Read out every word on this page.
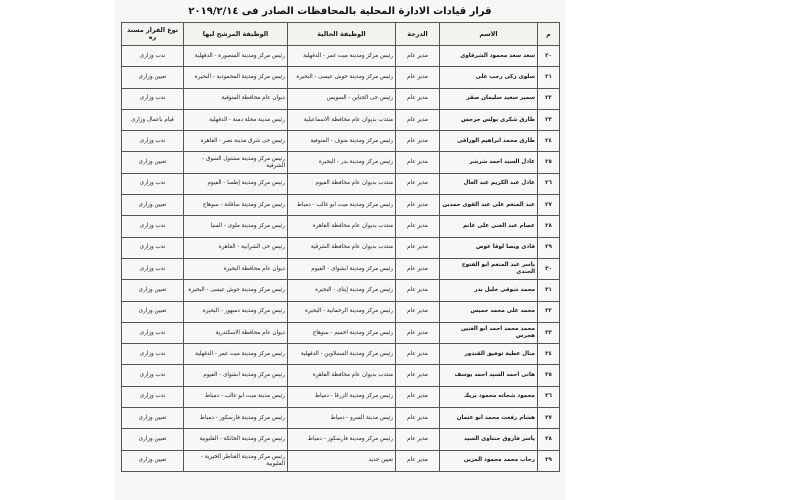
قرار قيادات الادارة المحلية بالمحافظات الصادر فى ٢٠١٩/٢/١٤
م	الاسم	الدرجة	الوظيفة الحالية	الوظيفة المرشح ليها	نوع القرار مسند ره
٢٠	سعد سعد محمود الشرقاوى	مدير عام	رئيس مركز ومدينة ميت غمر - الدقهلية	رئيس مركز ومدينة المنصورة - الدقهلية	ندب وزارى
٢١	سلوى زكى رجب على	مدير عام	رئيس مركز ومدينة حوش عيسى - البحيرة	رئيس مركز ومدينة المحمودية - البحيرة	تعيين وزارى
٢٢	سمير سعيد سليمان صقر	مدير عام	رئيس حى الجناين - السويس	ديوان عام محافظة المنوفية	ندب وزارى
٢٣	طارق شكرى بولس جرجس	مدير عام	منتدب بديوان عام محافظة الاسماعيلية	رئيس مدينة محلة دمنة - الدقهلية	قيام باعمال وزارى
٢٤	طارق محمد ابراهيم الوراقى	مدير عام	رئيس مركز ومدينة منوف - المنوفية	رئيس حى شرق مدينة نصر - القاهرة	ندب وزارى
٢٥	عادل السيد احمد شرشر	مدير عام	رئيس مركز ومدينة بدر - البحيرة	رئيس مركز ومدينة مشتول السوق - الشرقية	تعيين وزارى
٢٦	عادل عبد الكريم عبد العال	مدير عام	منتدب بديوان عام محافظة الفيوم	رئيس مركز ومدينة إطسا - الفيوم	ندب وزارى
٢٧	عبد المنعم على عبد القوى حمدين	مدير عام	رئيس مركز ومدينة ميت ابو غالب - دمياط	رئيس مركز ومدينة ساقلتة - سوهاج	تعيين وزارى
٢٨	عصام عبد الغنى على غانم	مدير عام	منتدب بديوان عام محافظة القاهرة	رئيس مركز ومدينة ملوى - المنيا	ندب وزارى
٢٩	فادى ويصا لوقا عوض	مدير عام	منتدب بديوان عام محافظة الشرقية	رئيس حى الشرابية - القاهرة	ندب وزارى
٣٠	ياسر عبد المنعم ابو الفتوح الجندى	مدير عام	رئيس مركز ومدينة ابشواى - الفيوم	ديوان عام محافظة البحيرة	ندب وزارى
٣١	محمد شوقى خليل بدر	مدير عام	رئيس مركز ومدينة إيتاى - البحيرة	رئيس مركز ومدينة حوش عيسى - البحيرة	تعيين وزارى
٣٢	محمد على محمد خميس	مدير عام	رئيس مركز ومدينة الرحمانية - البحيرة	رئيس مركز ومدينة دمنهور - البحيرة	تعيين وزارى
٣٣	محمد محمد احمد ابو العنين هجرس	مدير عام	رئيس مركز ومدينة اخميم - سوهاج	ديوان عام محافظة الاسكندرية	ندب وزارى
٣٤	منال عطية توفيق القندور	مدير عام	رئيس مركز ومدينة السنبلاوين - الدقهلية	رئيس مركز ومدينة ميت غمر - الدقهلية	ندب وزارى
٣٥	هانى احمد السيد احمد يوسف	مدير عام	منتدب بديوان عام محافظة القاهرة	رئيس مركز ومدينة ابشواى - الفيوم	ندب وزارى
٣٦	محمود شحاته محمود بريك	مدير عام	رئيس مركز ومدينة الزرقا - دمياط	رئيس مدينة ميت ابو غالب - دمياط	ندب وزارى
٣٧	هشام رفعت محمد ابو عثمان	مدير عام	رئيس مدينة السرو - دمياط	رئيس مركز ومدينة فارسكور - دمياط	تعيين وزارى
٣٨	ياسر فاروق حنتاوى السيد	مدير عام	رئيس مركز ومدينة فارسكور - دمياط	رئيس مركز ومدينة الخانكة - القليوبية	تعيين وزارى
٣٩	رحاب محمد محمود المزين	مدير عام	تعيين جديد	رئيس مركز ومدينة القناطر الخيرية - القليوبية	تعيين وزارى
